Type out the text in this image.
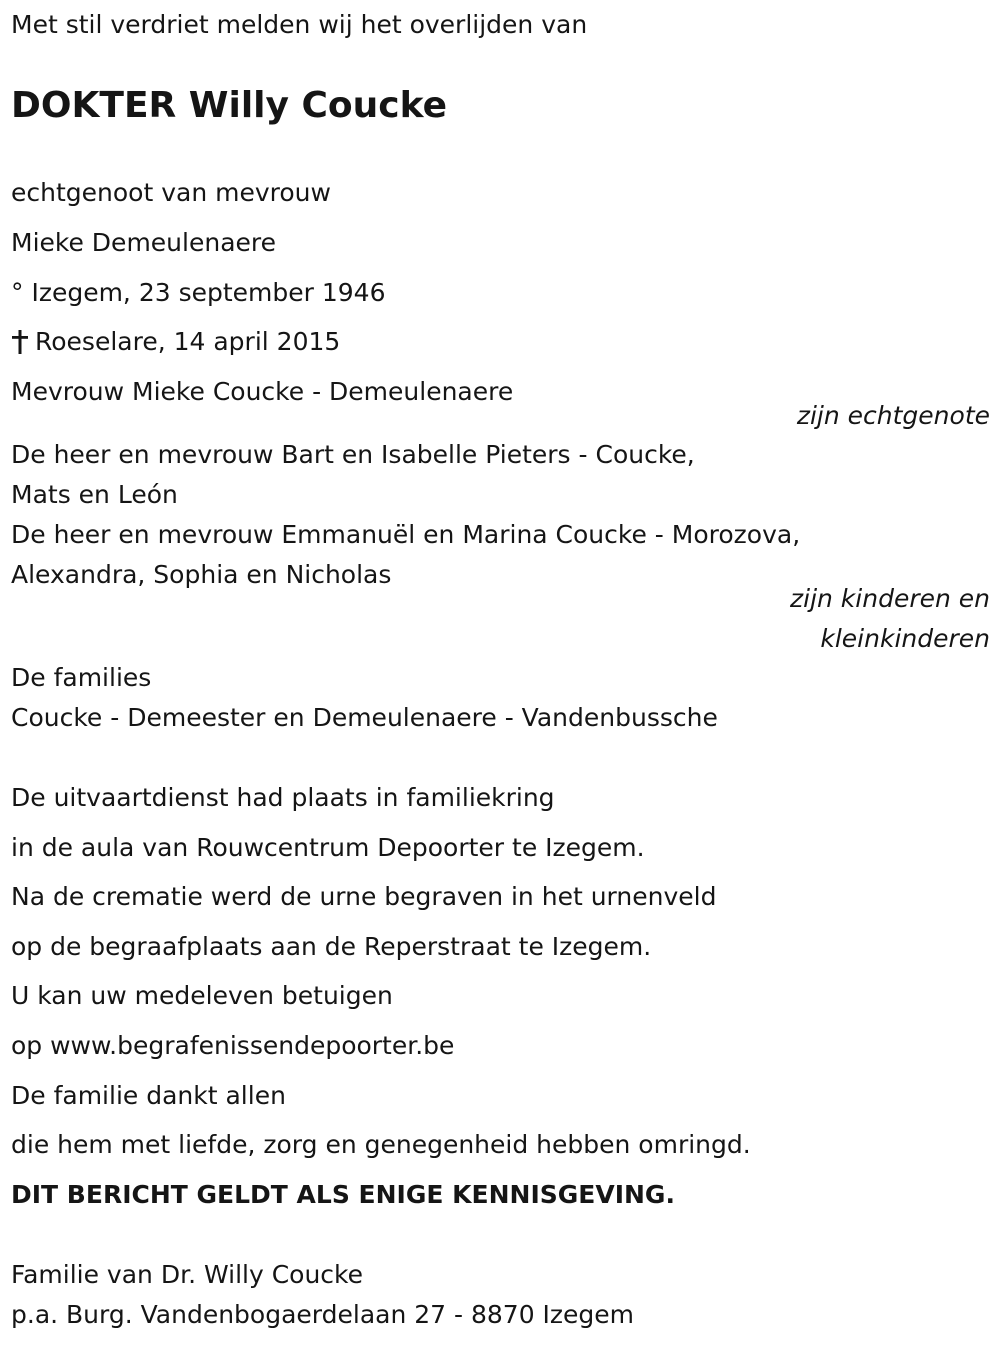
Met stil verdriet melden wij het overlijden van
DOKTER Willy Coucke
echtgenoot van mevrouw
Mieke Demeulenaere
° Izegem, 23 september 1946
Roeselare, 14 april 2015
Mevrouw Mieke Coucke - Demeulenaere
zijn echtgenote
De heer en mevrouw Bart en Isabelle Pieters - Coucke,
Mats en León
De heer en mevrouw Emmanuël en Marina Coucke - Morozova,
Alexandra, Sophia en Nicholas
zijn kinderen en
kleinkinderen
De families
Coucke - Demeester en Demeulenaere - Vandenbussche
De uitvaartdienst had plaats in familiekring
in de aula van Rouwcentrum Depoorter te Izegem.
Na de crematie werd de urne begraven in het urnenveld
op de begraafplaats aan de Reperstraat te Izegem.
U kan uw medeleven betuigen
op www.begrafenissendepoorter.be
De familie dankt allen
die hem met liefde, zorg en genegenheid hebben omringd.
DIT BERICHT GELDT ALS ENIGE KENNISGEVING.
Familie van Dr. Willy Coucke
p.a. Burg. Vandenbogaerdelaan 27 - 8870 Izegem
